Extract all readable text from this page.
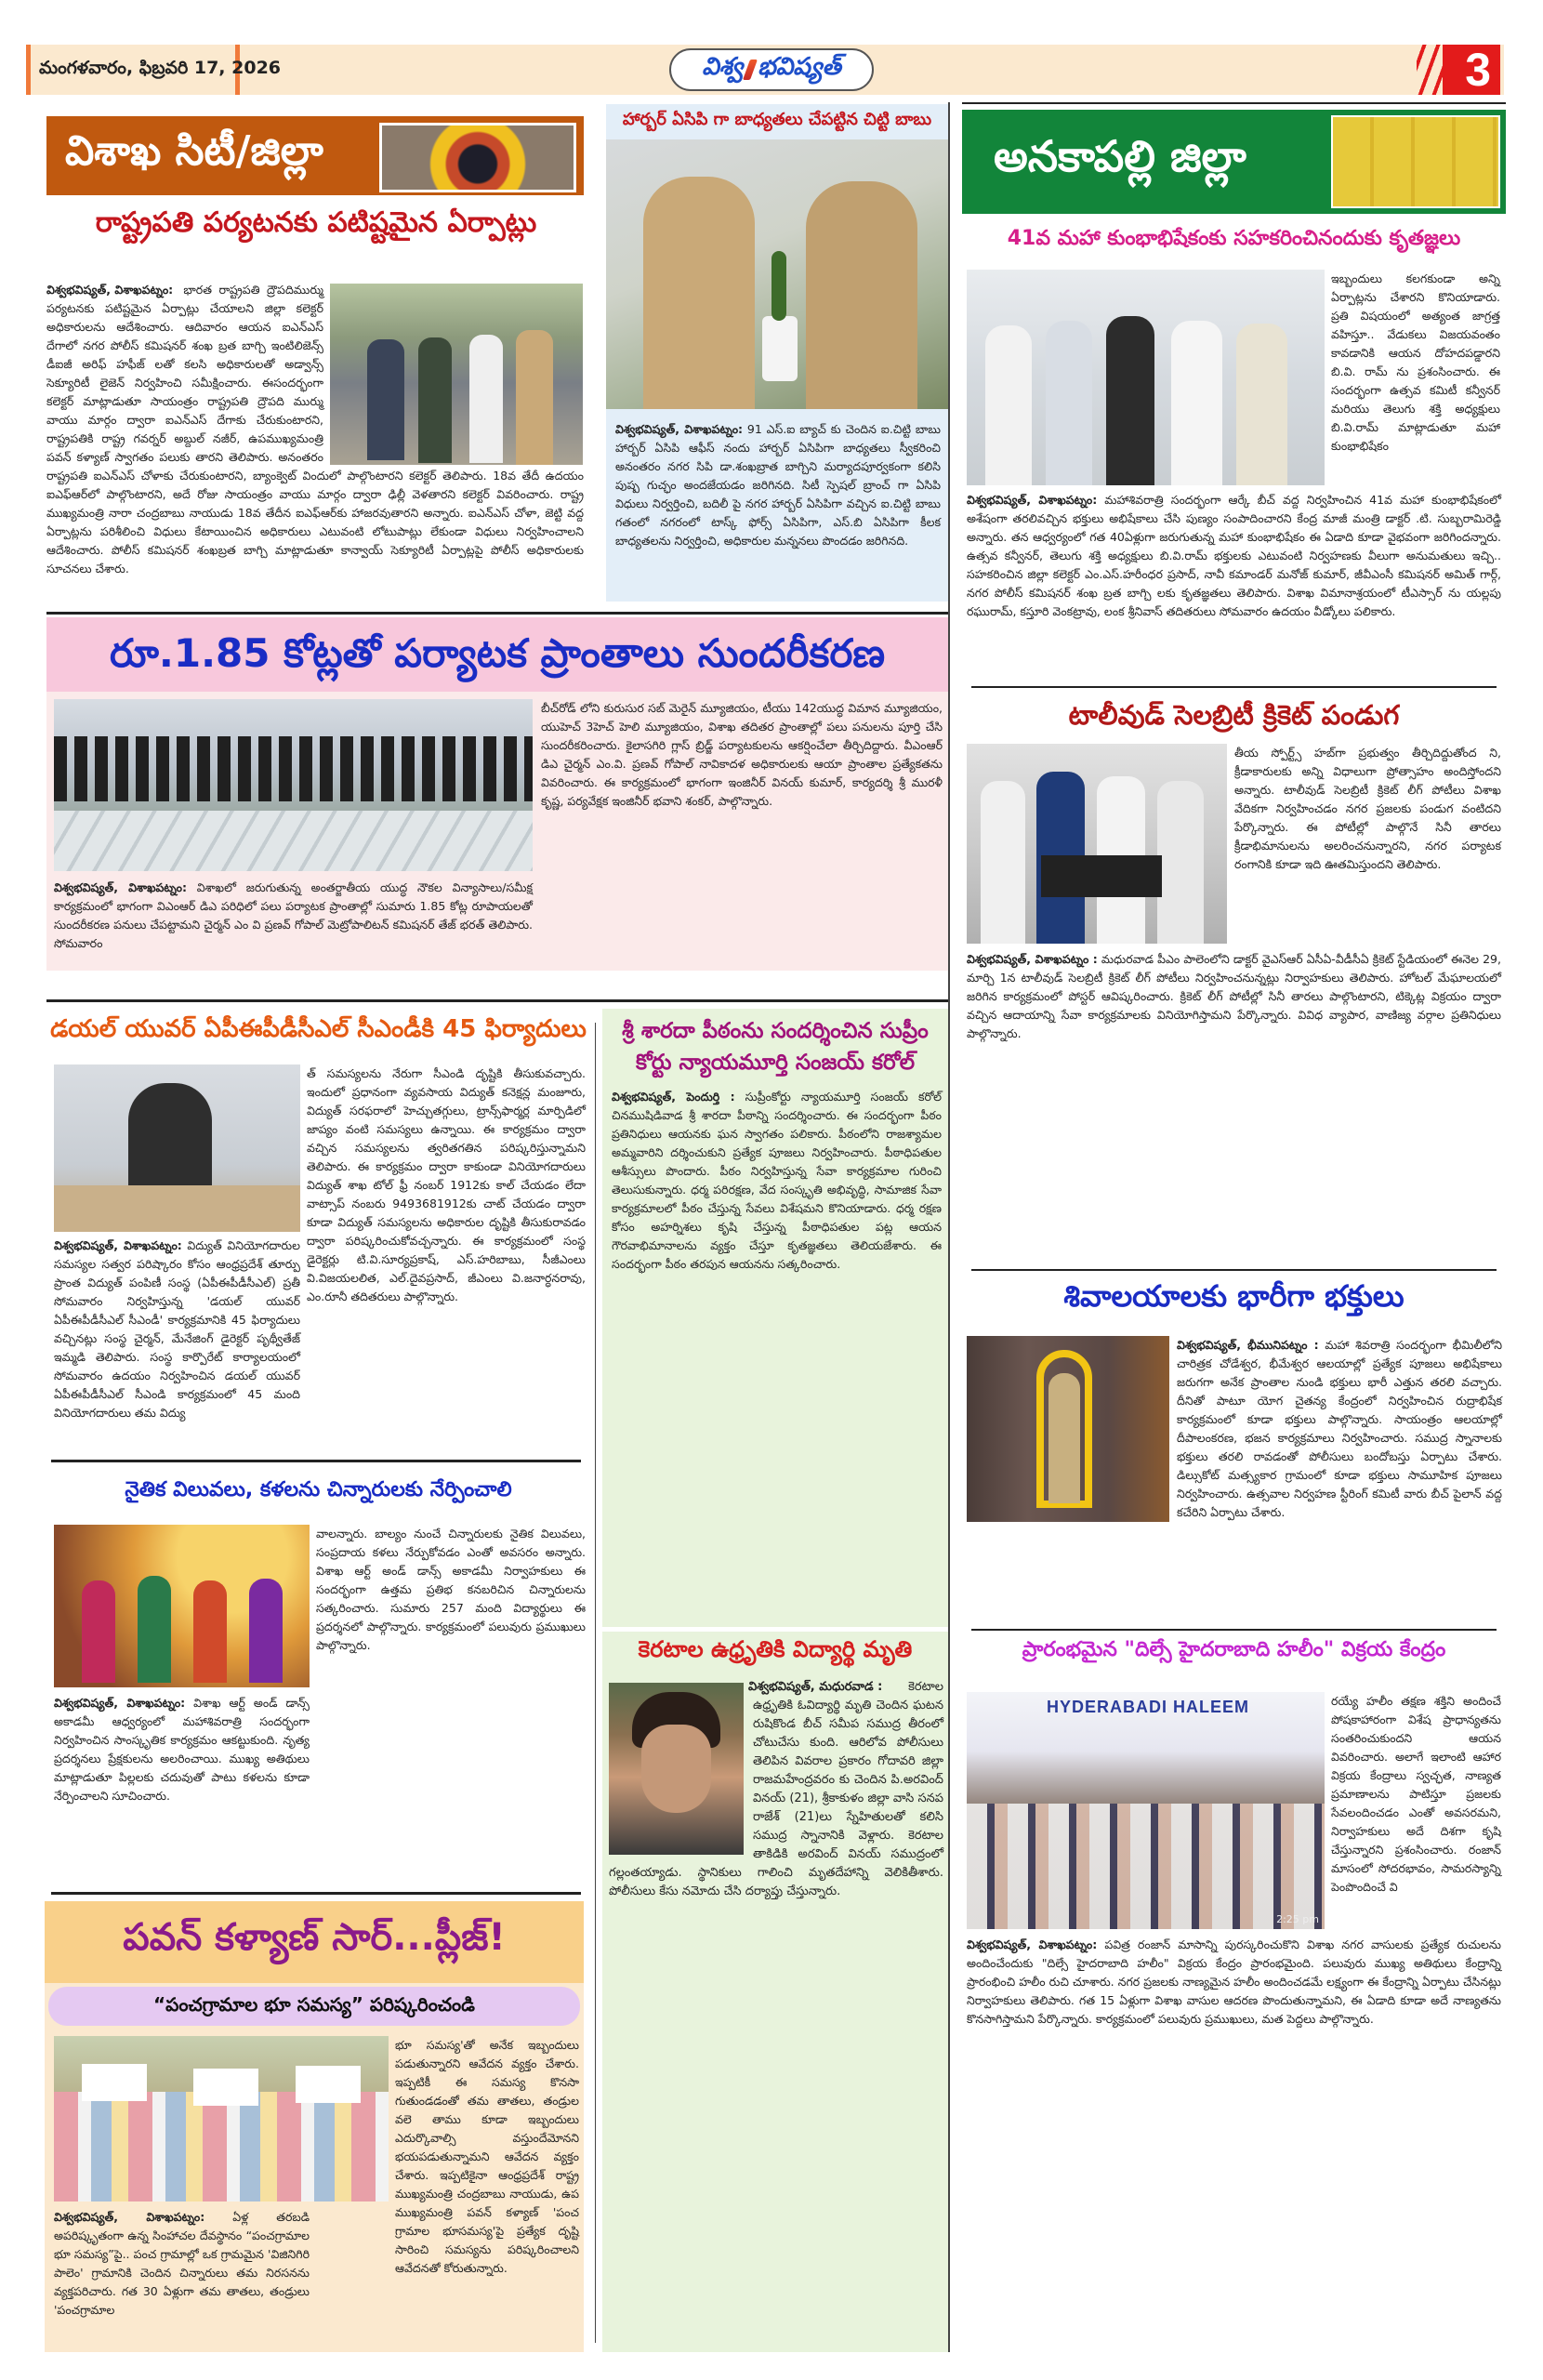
మంగళవారం, ఫిబ్రవరి 17, 2026	విశ్వ భవిష్యత్	3
విశాఖ సిటీ/జిల్లా
రాష్ట్రపతి పర్యటనకు పటిష్టమైన ఏర్పాట్లు
విశ్వభవిష్యత్, విశాఖపట్నం: భారత రాష్ట్రపతి ద్రౌపదిముర్ము పర్యటనకు పటిష్టమైన ఏర్పాట్లు చేయాలని జిల్లా కలెక్టర్ అధికారులను ఆదేశించారు. ఆదివారం ఆయన ఐఎన్ఎస్ దేగాలో నగర పోలీస్ కమిషనర్ శంఖ బ్రత బాగ్చి ఇంటిలిజెన్స్ డీఐజీ అరిఫ్ హఫీజ్ లతో కలసి అధికారులతో అడ్వాన్స్ సెక్యూరిటీ లైజెన్ నిర్వహించి సమీక్షించారు. ఈసందర్భంగా కలెక్టర్ మాట్లాడుతూ సాయంత్రం రాష్ట్రపతి ద్రౌపది ముర్ము వాయు మార్గం ద్వారా ఐఎన్ఎస్ దేగాకు చేరుకుంటారని, రాష్ట్రపతికి రాష్ట్ర గవర్నర్ అబ్దుల్ నజీర్, ఉపముఖ్యమంత్రి పవన్ కళ్యాణ్ స్వాగతం పలుకు తారని తెలిపారు. అనంతరం రాష్ట్రపతి ఐఎన్ఎస్ చోళాకు చేరుకుంటారని, బ్యాంక్వెట్ విందులో పాల్గొంటారని కలెక్టర్ తెలిపారు. 18వ తేదీ ఉదయం ఐఎఫ్ఆర్‌లో పాల్గొంటారని, అదే రోజు సాయంత్రం వాయు మార్గం ద్వారా ఢిల్లీ వెళతారని కలెక్టర్ వివరించారు. రాష్ట్ర ముఖ్యమంత్రి నారా చంద్రబాబు నాయుడు 18వ తేదీన ఐఎఫ్ఆర్‌కు హాజరవుతారని అన్నారు. ఐఎన్ఎస్ చోళా, జెట్టి వద్ద ఏర్పాట్లను పరిశీలించి విధులు కేటాయించిన అధికారులు ఎటువంటి లోటుపాట్లు లేకుండా విధులు నిర్వహించాలని ఆదేశించారు. పోలీస్ కమిషనర్ శంఖబ్రత బాగ్చి మాట్లాడుతూ కాన్వాయ్ సెక్యూరిటీ ఏర్పాట్లపై పోలీస్ అధికారులకు సూచనలు చేశారు.
హార్బర్ ఏసిపి గా బాధ్యతలు చేపట్టిన చిట్టి బాబు
విశ్వభవిష్యత్, విశాఖపట్నం: 91 ఎస్.ఐ బ్యాచ్ కు చెందిన ఐ.చిట్టి బాబు హార్బర్ ఏసిపి ఆఫీస్ నందు హార్బర్ ఏసిపిగా బాధ్యతలు స్వీకరించి అనంతరం నగర సిపి డా.శంఖబ్రాత బాగ్చిని మర్యాదపూర్వకంగా కలిసి పుష్ప గుచ్ఛం అందజేయడం జరిగినది. సిటీ స్పెషల్ బ్రాంచ్ గా ఏసిపి విధులు నిర్వర్తించి, బదిలీ పై నగర హార్బర్ ఏసిపిగా వచ్చిన ఐ.చిట్టి బాబు గతంలో నగరంలో టాస్క్ ఫోర్స్ ఏసిపిగా, ఎస్.బి ఏసిపిగా కీలక బాధ్యతలను నిర్వర్తించి, అధికారుల మన్ననలు పొందడం జరిగినది.
అనకాపల్లి జిల్లా
41వ మహా కుంభాభిషేకంకు సహకరించినందుకు కృతజ్ఞలు
ఇబ్బందులు కలగకుండా అన్ని ఏర్పాట్లను చేశారని కొనియాడారు. ప్రతి విషయంలో అత్యంత జాగ్రత్త వహిస్తూ.. వేడుకలు విజయవంతం కావడానికి ఆయన దోహదపడ్డారని బి.వి. రామ్ ను ప్రశంసించారు. ఈ సందర్భంగా ఉత్సవ కమిటీ కన్వీనర్ మరియు తెలుగు శక్తి అధ్యక్షులు బి.వి.రామ్ మాట్లాడుతూ మహా కుంభాభిషేకం
విశ్వభవిష్యత్, విశాఖపట్నం: మహాశివరాత్రి సందర్భంగా ఆర్కే బీచ్ వద్ద నిర్వహించిన 41వ మహా కుంభాభిషేకంలో అశేషంగా తరలివచ్చిన భక్తులు అభిషేకాలు చేసి పుణ్యం సంపాదించారని కేంద్ర మాజీ మంత్రి డాక్టర్ .టి. సుబ్బరామిరెడ్డి అన్నారు. తన ఆధ్వర్యంలో గత 40ఏళ్లుగా జరుగుతున్న మహా కుంభాభిషేకం ఈ ఏడాది కూడా వైభవంగా జరిగిందన్నారు. ఉత్సవ కన్వీనర్, తెలుగు శక్తి అధ్యక్షులు బి.వి.రామ్ భక్తులకు ఎటువంటి నిర్వహణకు వీలుగా అనుమతులు ఇచ్చి.. సహకరించిన జిల్లా కలెక్టర్ ఎం.ఎస్.హరీంధర ప్రసాద్, నావీ కమాండర్ మనోజ్ కుమార్, జీవీఎంసీ కమిషనర్ అమిత్ గార్గ్, నగర పోలీస్ కమిషనర్ శంఖ బ్రత బాగ్చి లకు కృతజ్ఞతలు తెలిపారు. విశాఖ విమానాశ్రయంలో టీఎస్సార్ ను యల్లపు రఘురామ్, కస్తూరి వెంకట్రావు, లంక శ్రీనివాస్ తదితరులు సోమవారం ఉదయం వీడ్కోలు పలికారు.
రూ.1.85 కోట్లతో పర్యాటక ప్రాంతాలు సుందరీకరణ
బీచ్‌రోడ్ లోని కురుసుర సబ్ మెరైన్ మ్యూజియం, టీయు 142యుద్ధ విమాన మ్యూజియం, యుహెచ్ 3హెచ్ హెలి మ్యూజియం, విశాఖ తదితర ప్రాంతాల్లో పలు పనులను పూర్తి చేసి సుందరీకరించారు. కైలాసగిరి గ్లాస్ బ్రిడ్జ్ పర్యాటకులను ఆకర్షించేలా తీర్చిదిద్దారు. వీఎంఆర్ డిఎ చైర్మన్ ఎం.వి. ప్రణవ్ గోపాల్ నావికాదళ అధికారులకు ఆయా ప్రాంతాల ప్రత్యేకతను వివరించారు. ఈ కార్యక్రమంలో భాగంగా ఇంజినీర్ వినయ్ కుమార్, కార్యదర్శి శ్రీ మురళీ కృష్ణ, పర్యవేక్షక ఇంజినీర్ భవాని శంకర్, పాల్గొన్నారు.
విశ్వభవిష్యత్, విశాఖపట్నం: విశాఖలో జరుగుతున్న అంతర్జాతీయ యుద్ధ నౌకల విన్యాసాలు/సమీక్ష కార్యక్రమంలో భాగంగా విఎంఆర్ డిఎ పరిధిలో పలు పర్యాటక ప్రాంతాల్లో సుమారు 1.85 కోట్ల రూపాయలతో సుందరీకరణ పనులు చేపట్టామని చైర్మన్ ఎం వి ప్రణవ్ గోపాల్ మెట్రోపాలిటన్ కమిషనర్ తేజ్ భరత్ తెలిపారు. సోమవారం
టాలీవుడ్ సెలబ్రిటీ క్రికెట్ పండుగ
తీయ స్పోర్ట్స్ హబ్‌గా ప్రభుత్వం తీర్చిదిద్దుతోంద ని, క్రీడాకారులకు అన్ని విధాలుగా ప్రోత్సాహం అందిస్తోందని అన్నారు. టాలీవుడ్ సెలబ్రిటీ క్రికెట్ లీగ్ పోటీలు విశాఖ వేదికగా నిర్వహించడం నగర ప్రజలకు పండుగ వంటిదని పేర్కొన్నారు. ఈ పోటీల్లో పాల్గొనే సినీ తారలు క్రీడాభిమానులను అలరించనున్నారని, నగర పర్యాటక రంగానికి కూడా ఇది ఊతమిస్తుందని తెలిపారు.
విశ్వభవిష్యత్, విశాఖపట్నం : మధురవాడ పీఎం పాలెంలోని డాక్టర్ వైఎస్ఆర్ ఏసీఏ-వీడీసీఏ క్రికెట్ స్టేడియంలో ఈనెల 29, మార్చి 1న టాలీవుడ్ సెలబ్రిటీ క్రికెట్ లీగ్ పోటీలు నిర్వహించనున్నట్లు నిర్వాహకులు తెలిపారు. హోటల్ మేఘాలయలో జరిగిన కార్యక్రమంలో పోస్టర్ ఆవిష్కరించారు. క్రికెట్ లీగ్ పోటీల్లో సినీ తారలు పాల్గొంటారని, టిక్కెట్ల విక్రయం ద్వారా వచ్చిన ఆదాయాన్ని సేవా కార్యక్రమాలకు వినియోగిస్తామని పేర్కొన్నారు. వివిధ వ్యాపార, వాణిజ్య వర్గాల ప్రతినిధులు పాల్గొన్నారు.
డయల్ యువర్ ఏపీఈపీడీసీఎల్ సీఎండీకి 45 ఫిర్యాదులు
త్ సమస్యలను నేరుగా సీఎండి దృష్టికి తీసుకువచ్చారు. ఇందులో ప్రధానంగా వ్యవసాయ విద్యుత్ కనెక్షన్ల మంజూరు, విద్యుత్ సరఫరాలో హెచ్చుతగ్గులు, ట్రాన్స్‌ఫార్మర్ల మార్పిడిలో జాప్యం వంటి సమస్యలు ఉన్నాయి. ఈ కార్యక్రమం ద్వారా వచ్చిన సమస్యలను త్వరితగతిన పరిష్కరిస్తున్నామని తెలిపారు. ఈ కార్యక్రమం ద్వారా కాకుండా వినియోగదారులు విద్యుత్ శాఖ టోల్ ఫ్రీ నంబర్ 1912కు కాల్ చేయడం లేదా వాట్సాప్ నంబరు 9493681912కు చాట్ చేయడం ద్వారా కూడా విద్యుత్ సమస్యలను అధికారుల దృష్టికి తీసుకురావడం ద్వారా పరిష్కరించుకోవచ్చన్నారు. ఈ కార్యక్రమంలో సంస్థ డైరెక్టర్లు టి.వి.సూర్యప్రకాష్, ఎస్.హరిబాబు, సీజీఎంలు వి.విజయలలిత, ఎల్.దైవప్రసాద్, జీఎంలు వి.జనార్ధనరావు, ఎం.రూనీ తదితరులు పాల్గొన్నారు.
విశ్వభవిష్యత్, విశాఖపట్నం: విద్యుత్ వినియోగదారుల సమస్యల సత్వర పరిష్కారం కోసం ఆంధ్రప్రదేశ్ తూర్పు ప్రాంత విద్యుత్ పంపిణీ సంస్థ (ఏపీఈపీడీసీఎల్) ప్రతీ సోమవారం నిర్వహిస్తున్న 'డయల్ యువర్ ఏపీఈపీడీసీఎల్ సీఎండీ' కార్యక్రమానికి 45 ఫిర్యాదులు వచ్చినట్లు సంస్థ చైర్మన్, మేనేజింగ్ డైరెక్టర్ పృథ్వీతేజ్ ఇమ్మడి తెలిపారు. సంస్థ కార్పొరేట్ కార్యాలయంలో సోమవారం ఉదయం నిర్వహించిన డయల్ యువర్ ఏపీఈపీడీసీఎల్ సీఎండి కార్యక్రమంలో 45 మంది వినియోగదారులు తమ విద్యు
శ్రీ శారదా పీఠంను సందర్శించిన సుప్రీం
కోర్టు న్యాయమూర్తి సంజయ్ కరోల్
విశ్వభవిష్యత్, పెందుర్తి : సుప్రీంకోర్టు న్యాయమూర్తి సంజయ్ కరోల్ చినముషిడివాడ శ్రీ శారదా పీఠాన్ని సందర్శించారు. ఈ సందర్భంగా పీఠం ప్రతినిధులు ఆయనకు ఘన స్వాగతం పలికారు. పీఠంలోని రాజశ్యామల అమ్మవారిని దర్శించుకుని ప్రత్యేక పూజలు నిర్వహించారు. పీఠాధిపతుల ఆశీస్సులు పొందారు. పీఠం నిర్వహిస్తున్న సేవా కార్యక్రమాల గురించి తెలుసుకున్నారు. ధర్మ పరిరక్షణ, వేద సంస్కృతి అభివృద్ధి, సామాజిక సేవా కార్యక్రమాలలో పీఠం చేస్తున్న సేవలు విశేషమని కొనియాడారు. ధర్మ రక్షణ కోసం అహర్నిశలు కృషి చేస్తున్న పీఠాధిపతుల పట్ల ఆయన గౌరవాభిమానాలను వ్యక్తం చేస్తూ కృతజ్ఞతలు తెలియజేశారు. ఈ సందర్భంగా పీఠం తరపున ఆయనను సత్కరించారు.
శివాలయాలకు భారీగా భక్తులు
విశ్వభవిష్యత్, భీమునిపట్నం : మహా శివరాత్రి సందర్భంగా భీమిలీలోని చారిత్రక చోడేశ్వర, భీమేశ్వర ఆలయాల్లో ప్రత్యేక పూజలు అభిషేకాలు జరుగగా అనేక ప్రాంతాల నుండి భక్తులు భారీ ఎత్తున తరలి వచ్చారు. దీనితో పాటూ యోగ చైతన్య కేంద్రంలో నిర్వహించిన రుద్రాభిషేక కార్యక్రమంలో కూడా భక్తులు పాల్గొన్నారు. సాయంత్రం ఆలయాల్లో దీపాలంకరణ, భజన కార్యక్రమాలు నిర్వహించారు. సముద్ర స్నానాలకు భక్తులు తరలి రావడంతో పోలీసులు బందోబస్తు ఏర్పాటు చేశారు. డిల్సుకోట్ మత్స్యకార గ్రామంలో కూడా భక్తులు సామూహిక పూజలు నిర్వహించారు. ఉత్సవాల నిర్వహణ స్టీరింగ్ కమిటీ వారు బీచ్ పైలాన్ వద్ద కచేరిని ఏర్పాటు చేశారు.
నైతిక విలువలు, కళలను చిన్నారులకు నేర్పించాలి
వాలన్నారు. బాల్యం నుంచే చిన్నారులకు నైతిక విలువలు, సంప్రదాయ కళలు నేర్పుకోవడం ఎంతో అవసరం అన్నారు. విశాఖ ఆర్ట్ అండ్ డాన్స్ అకాడమీ నిర్వాహకులు ఈ సందర్భంగా ఉత్తమ ప్రతిభ కనబరిచిన చిన్నారులను సత్కరించారు. సుమారు 257 మంది విద్యార్థులు ఈ ప్రదర్శనలో పాల్గొన్నారు. కార్యక్రమంలో పలువురు ప్రముఖులు పాల్గొన్నారు.
విశ్వభవిష్యత్, విశాఖపట్నం: విశాఖ ఆర్ట్ అండ్ డాన్స్ అకాడమీ ఆధ్వర్యంలో మహాశివరాత్రి సందర్భంగా నిర్వహించిన సాంస్కృతిక కార్యక్రమం ఆకట్టుకుంది. నృత్య ప్రదర్శనలు ప్రేక్షకులను అలరించాయి. ముఖ్య అతిథులు మాట్లాడుతూ పిల్లలకు చదువుతో పాటు కళలను కూడా నేర్పించాలని సూచించారు.
కెరటాల ఉధ్రృతికి విద్యార్థి మృతి
విశ్వభవిష్యత్, మధురవాడ :	కెరటాల ఉధ్రృతికి ఓవిద్యార్థి మృతి చెందిన ఘటన రుషికొండ బీచ్ సమీప సముద్ర తీరంలో చోటుచేసు కుంది. ఆరిలోవ పోలీసులు తెలిపిన వివరాల ప్రకారం గోదావరి జిల్లా రాజమహేంద్రవరం కు చెందిన పి.అరవింద్ వినయ్ (21), శ్రీకాకుళం జిల్లా వాసి సనప రాజేశ్ (21)లు స్నేహితులతో కలిసి సముద్ర స్నానానికి వెళ్లారు. కెరటాల తాకిడికి అరవింద్ వినయ్ సముద్రంలో గల్లంతయ్యాడు. స్థానికులు గాలించి మృతదేహాన్ని వెలికితీశారు. పోలీసులు కేసు నమోదు చేసి దర్యాప్తు చేస్తున్నారు.
ప్రారంభమైన "దిల్సే హైదరాబాది హలీం" విక్రయ కేంద్రం
HYDERABADI HALEEM
2:25 pm
రయ్యే హలీం తక్షణ శక్తిని అందించే పోషకాహారంగా విశేష ప్రాధాన్యతను సంతరించుకుందని ఆయన వివరించారు. అలాగే ఇలాంటి ఆహార విక్రయ కేంద్రాలు స్వచ్ఛత, నాణ్యత ప్రమాణాలను పాటిస్తూ ప్రజలకు సేవలందించడం ఎంతో అవసరమని, నిర్వాహకులు అదే దిశగా కృషి చేస్తున్నారని ప్రశంసించారు. రంజాన్ మాసంలో సోదరభావం, సామరస్యాన్ని పెంపొందించే వి
విశ్వభవిష్యత్, విశాఖపట్నం: పవిత్ర రంజాన్ మాసాన్ని పురస్కరించుకొని విశాఖ నగర వాసులకు ప్రత్యేక రుచులను అందించేందుకు "దిల్సే హైదరాబాది హలీం" విక్రయ కేంద్రం ప్రారంభమైంది. పలువురు ముఖ్య అతిథులు కేంద్రాన్ని ప్రారంభించి హలీం రుచి చూశారు. నగర ప్రజలకు నాణ్యమైన హలీం అందించడమే లక్ష్యంగా ఈ కేంద్రాన్ని ఏర్పాటు చేసినట్లు నిర్వాహకులు తెలిపారు. గత 15 ఏళ్లుగా విశాఖ వాసుల ఆదరణ పొందుతున్నామని, ఈ ఏడాది కూడా అదే నాణ్యతను కొనసాగిస్తామని పేర్కొన్నారు. కార్యక్రమంలో పలువురు ప్రముఖులు, మత పెద్దలు పాల్గొన్నారు.
పవన్ కళ్యాణ్ సార్...ప్లీజ్!
“పంచగ్రామాల భూ సమస్య” పరిష్కరించండి
భూ సమస్య'తో అనేక ఇబ్బందులు పడుతున్నారని ఆవేదన వ్యక్తం చేశారు. ఇప్పటికీ ఈ సమస్య కొనసా గుతుండడంతో తమ తాతలు, తండ్రుల వలె తాము కూడా ఇబ్బందులు ఎదుర్కొవాల్సి వస్తుందేమోనని భయపడుతున్నామని ఆవేదన వ్యక్తం చేశారు. ఇప్పటికైనా ఆంధ్రప్రదేశ్ రాష్ట్ర ముఖ్యమంత్రి చంద్రబాబు నాయుడు, ఉప ముఖ్యమంత్రి పవన్ కళ్యాణ్ 'పంచ గ్రామాల భూసమస్య'పై ప్రత్యేక దృష్టి సారించి సమస్యను పరిష్కరించాలని ఆవేదనతో కోరుతున్నారు.
విశ్వభవిష్యత్, విశాఖపట్నం: ఏళ్ల తరబడి అపరిష్కృతంగా ఉన్న సింహాచల దేవస్థానం “పంచగ్రామాల భూ సమస్య”పై.. పంచ గ్రామాల్లో ఒక గ్రామమైన 'విజినిగిరి పాలెం' గ్రామానికి చెందిన చిన్నారులు తమ నిరసనను వ్యక్తపరిచారు. గత 30 ఏళ్లుగా తమ తాతలు, తండ్రులు 'పంచగ్రామాల
